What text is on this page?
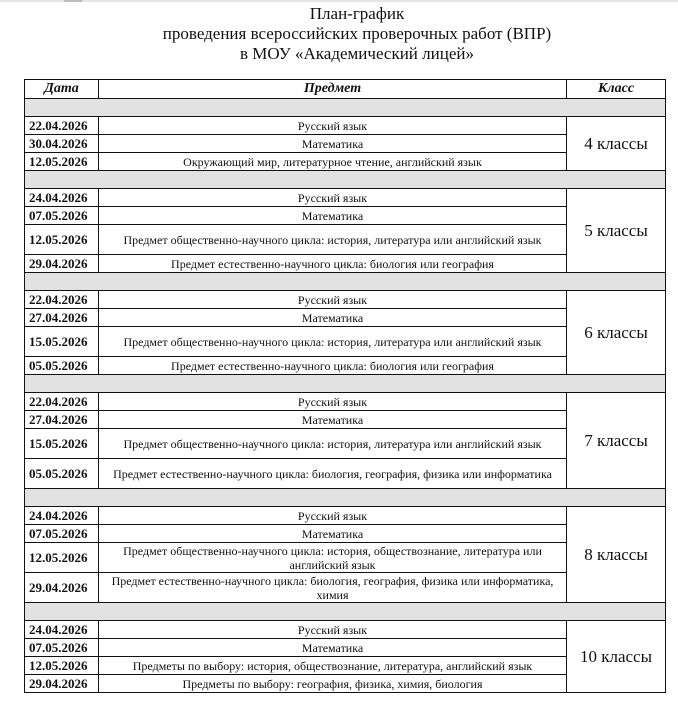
План-график
проведения всероссийских проверочных работ (ВПР)
в МОУ «Академический лицей»
Дата	Предмет	Класс

22.04.2026	Русский язык	4 классы
30.04.2026	Математика	
12.05.2026	Окружающий мир, литературное чтение, английский язык	

24.04.2026	Русский язык	5 классы
07.05.2026	Математика	
12.05.2026	Предмет общественно-научного цикла: история, литература или английский язык	
29.04.2026	Предмет естественно-научного цикла: биология или география	

22.04.2026	Русский язык	6 классы
27.04.2026	Математика	
15.05.2026	Предмет общественно-научного цикла: история, литература или английский язык	
05.05.2026	Предмет естественно-научного цикла: биология или география	

22.04.2026	Русский язык	7 классы
27.04.2026	Математика	
15.05.2026	Предмет общественно-научного цикла: история, литература или английский язык	
05.05.2026	Предмет естественно-научного цикла: биология, география, физика или информатика	

24.04.2026	Русский язык	8 классы
07.05.2026	Математика	
12.05.2026	Предмет общественно-научного цикла: история, обществознание, литература или английский язык	
29.04.2026	Предмет естественно-научного цикла: биология, география, физика или информатика, химия	

24.04.2026	Русский язык	10 классы
07.05.2026	Математика	
12.05.2026	Предметы по выбору: история, обществознание, литература, английский язык	
29.04.2026	Предметы по выбору: география, физика, химия, биология	
